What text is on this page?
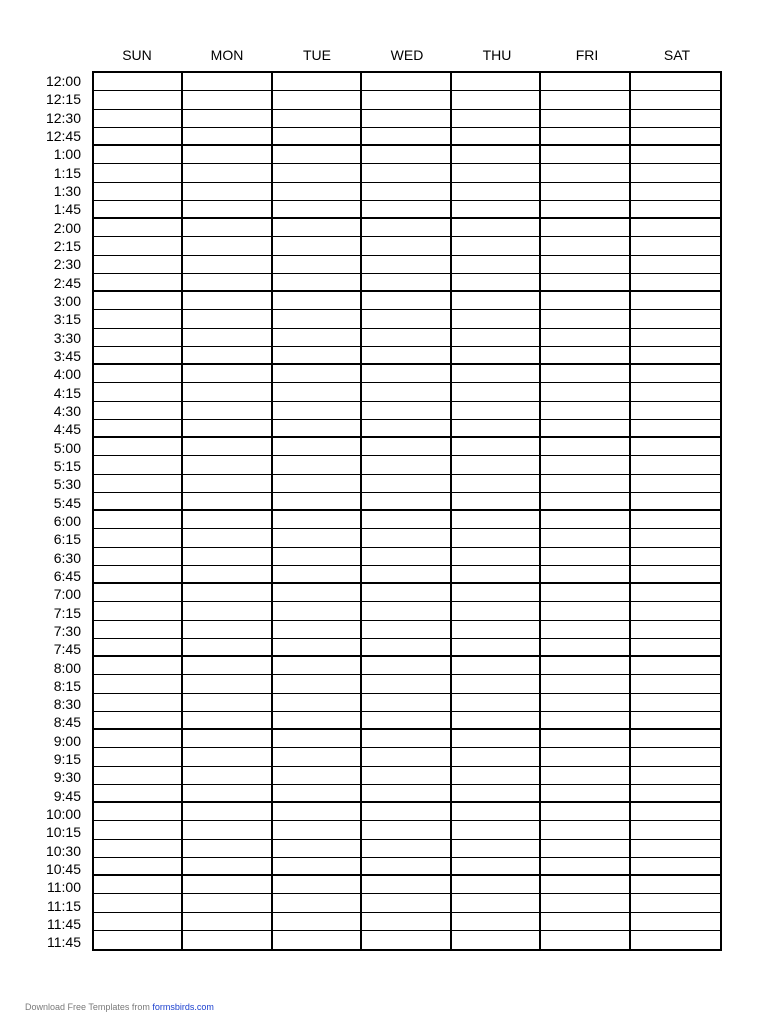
SUN	MON	TUE	WED	THU	FRI	SAT
12:00
12:15
12:30
12:45
1:00
1:15
1:30
1:45
2:00
2:15
2:30
2:45
3:00
3:15
3:30
3:45
4:00
4:15
4:30
4:45
5:00
5:15
5:30
5:45
6:00
6:15
6:30
6:45
7:00
7:15
7:30
7:45
8:00
8:15
8:30
8:45
9:00
9:15
9:30
9:45
10:00
10:15
10:30
10:45
11:00
11:15
11:45
11:45
Download Free Templates from formsbirds.com
